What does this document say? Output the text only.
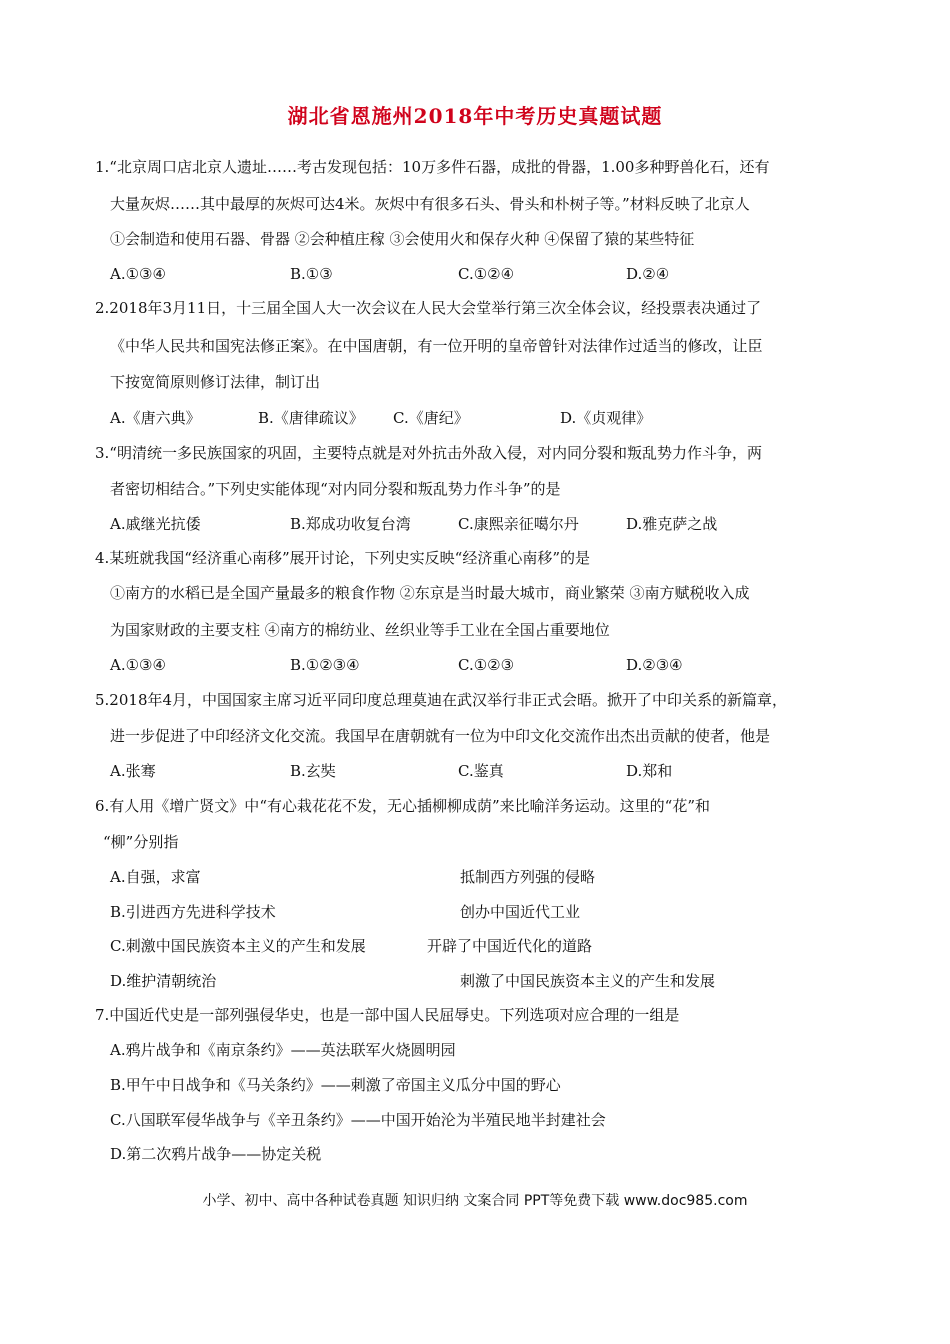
湖北省恩施州2018年中考历史真题试题
1.“北京周口店北京人遗址……考古发现包括：10万多件石器，成批的骨器，1.00多种野兽化石，还有
大量灰烬……其中最厚的灰烬可达4米。灰烬中有很多石头、骨头和朴树子等。”材料反映了北京人
①会制造和使用石器、骨器 ②会种植庄稼 ③会使用火和保存火种 ④保留了猿的某些特征
A.①③④	B.①③	C.①②④	D.②④
2.2018年3月11日，十三届全国人大一次会议在人民大会堂举行第三次全体会议，经投票表决通过了
《中华人民共和国宪法修正案》。在中国唐朝，有一位开明的皇帝曾针对法律作过适当的修改，让臣
下按宽简原则修订法律，制订出
A.《唐六典》	B.《唐律疏议》 C.《唐纪》	D.《贞观律》
3.“明清统一多民族国家的巩固，主要特点就是对外抗击外敌入侵，对内同分裂和叛乱势力作斗争，两
者密切相结合。”下列史实能体现“对内同分裂和叛乱势力作斗争”的是
A.戚继光抗倭	B.郑成功收复台湾	C.康熙亲征噶尔丹	D.雅克萨之战
4.某班就我国“经济重心南移”展开讨论，下列史实反映“经济重心南移”的是
①南方的水稻已是全国产量最多的粮食作物 ②东京是当时最大城市，商业繁荣 ③南方赋税收入成
为国家财政的主要支柱 ④南方的棉纺业、丝织业等手工业在全国占重要地位
A.①③④	B.①②③④	C.①②③	D.②③④
5.2018年4月，中国国家主席习近平同印度总理莫迪在武汉举行非正式会晤。掀开了中印关系的新篇章，
进一步促进了中印经济文化交流。我国早在唐朝就有一位为中印文化交流作出杰出贡献的使者，他是
A.张骞	B.玄奘	C.鉴真	D.郑和
6.有人用《增广贤文》中“有心栽花花不发，无心插柳柳成荫”来比喻洋务运动。这里的“花”和
“柳”分别指
A.自强，求富	抵制西方列强的侵略
B.引进西方先进科学技术	创办中国近代工业
C.刺激中国民族资本主义的产生和发展	开辟了中国近代化的道路
D.维护清朝统治	刺激了中国民族资本主义的产生和发展
7.中国近代史是一部列强侵华史，也是一部中国人民屈辱史。下列选项对应合理的一组是
A.鸦片战争和《南京条约》——英法联军火烧圆明园
B.甲午中日战争和《马关条约》——刺激了帝国主义瓜分中国的野心
C.八国联军侵华战争与《辛丑条约》——中国开始沦为半殖民地半封建社会
D.第二次鸦片战争——协定关税
小学、初中、高中各种试卷真题 知识归纳 文案合同 PPT等免费下载 www.doc985.com
